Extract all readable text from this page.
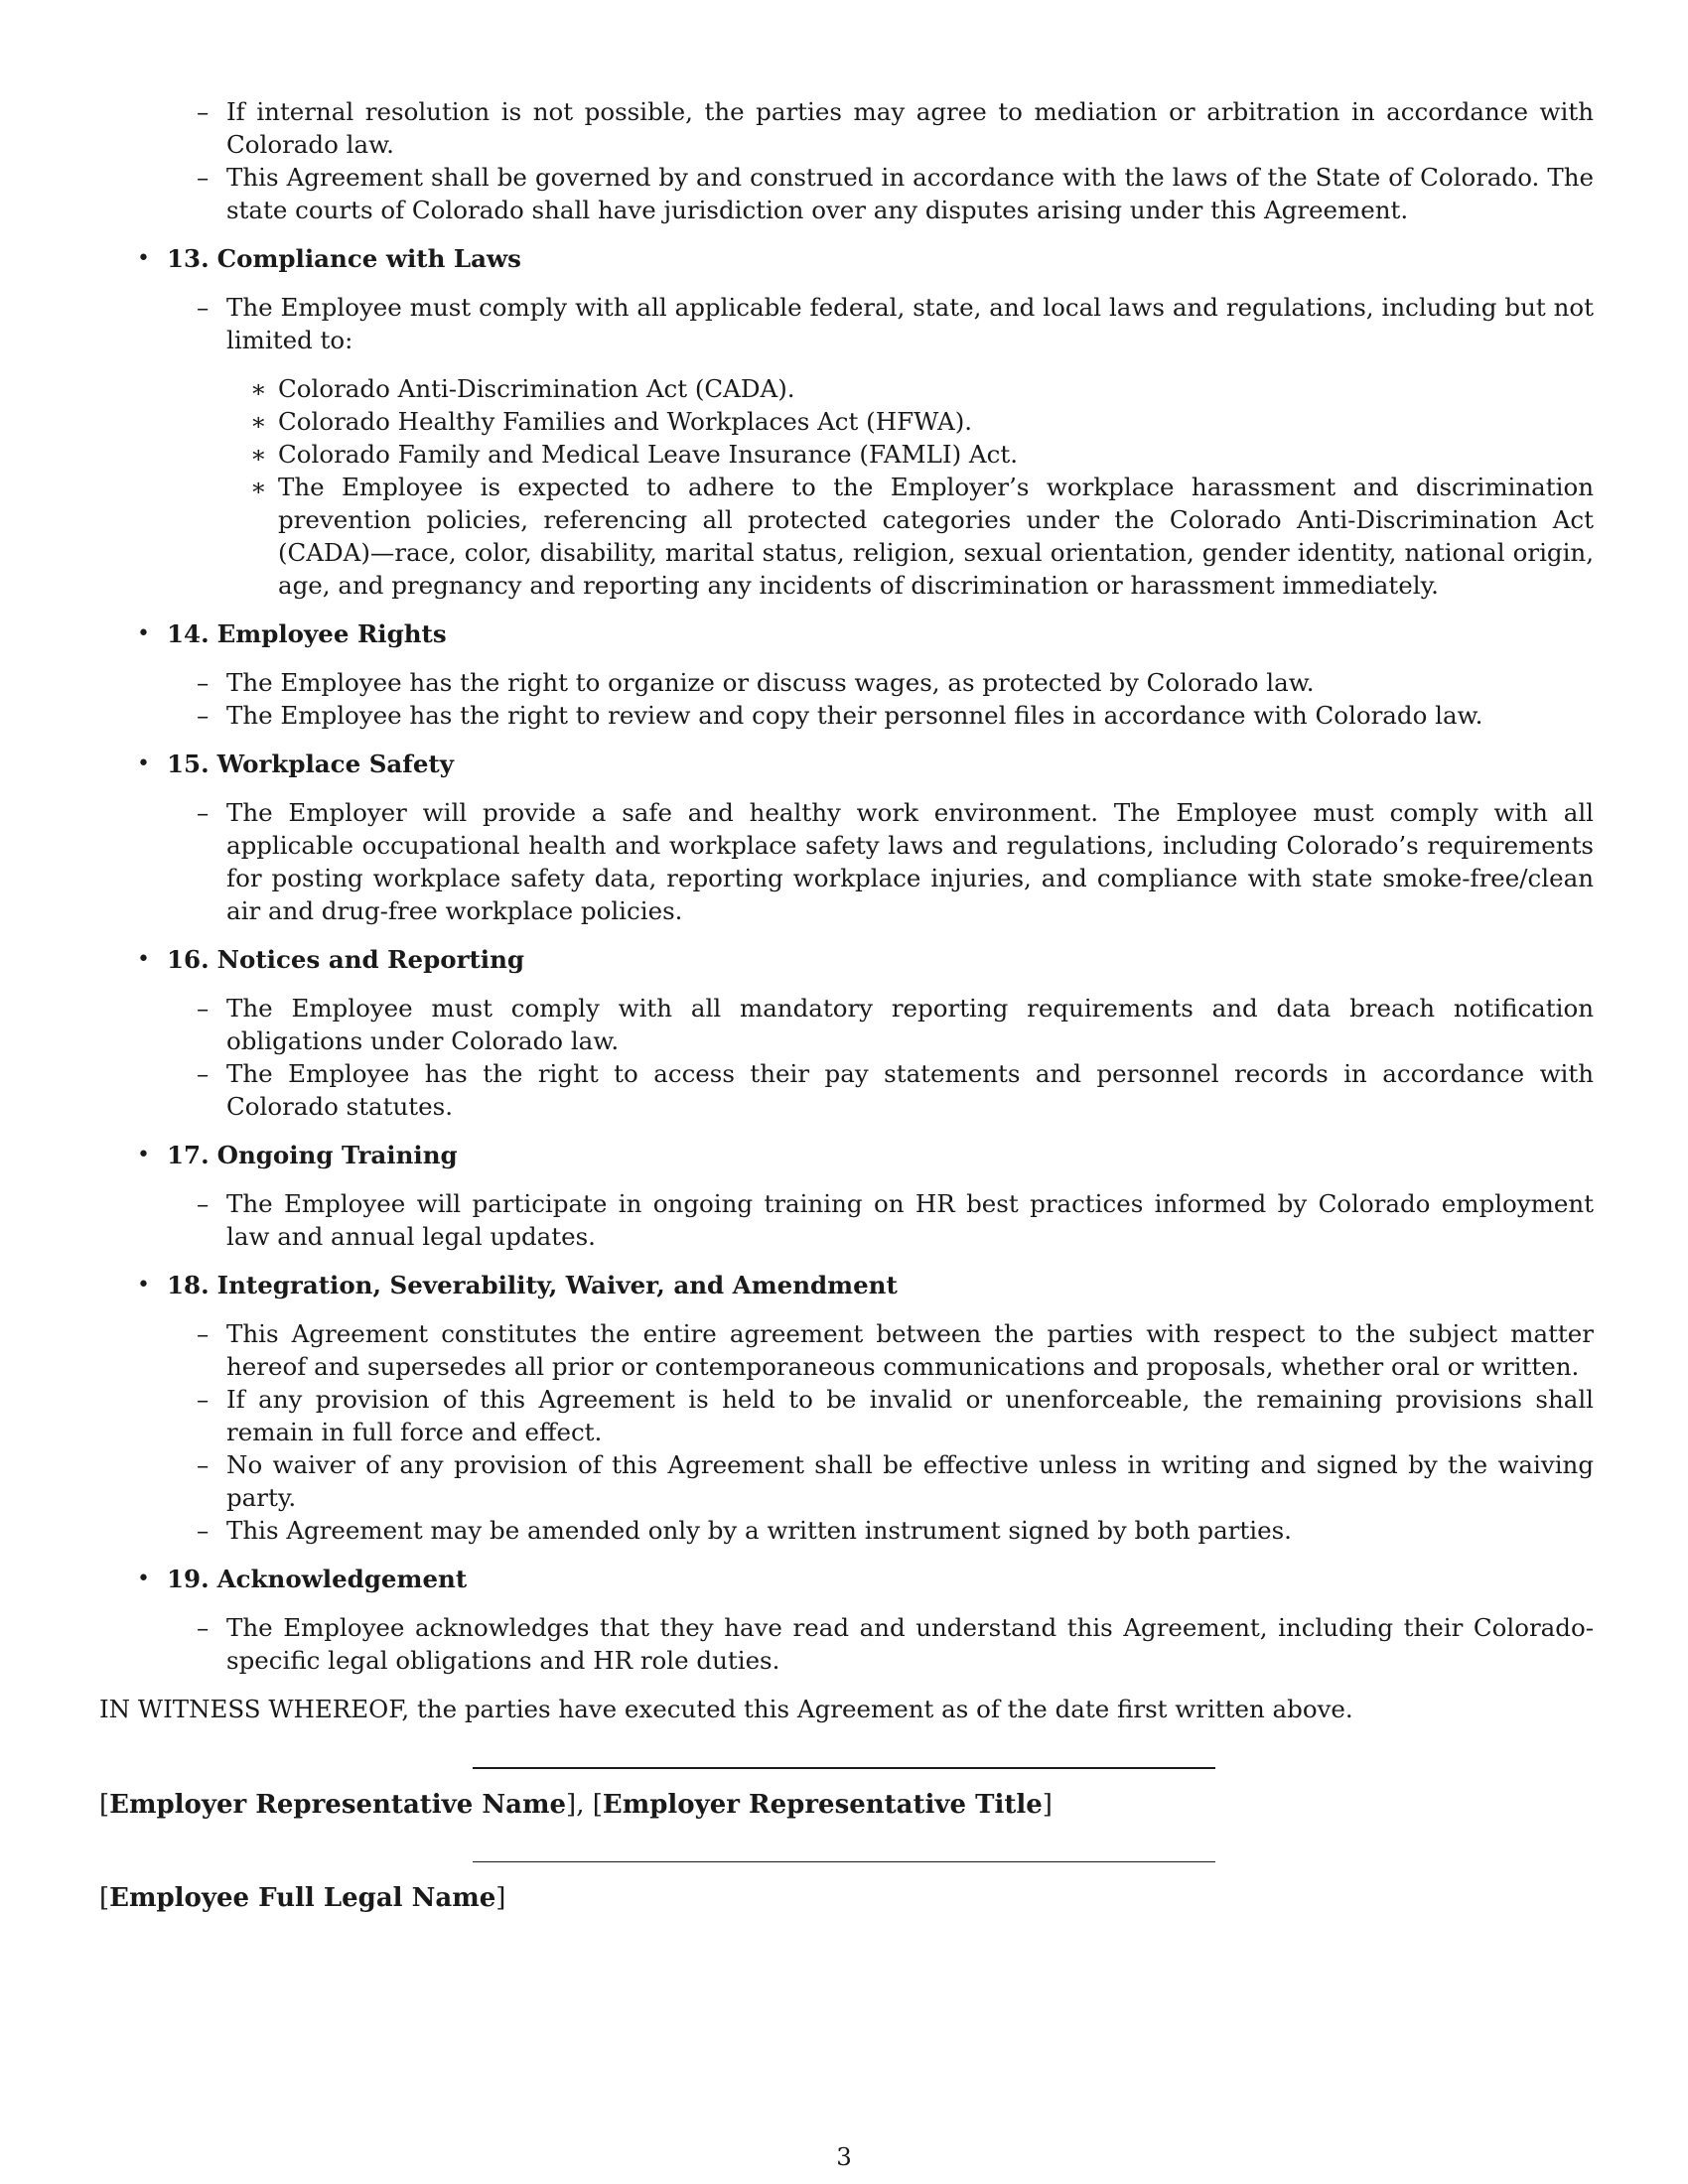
– If internal resolution is not possible, the parties may agree to mediation or arbitration in accordance with Colorado law.
– This Agreement shall be governed by and construed in accordance with the laws of the State of Colorado. The state courts of Colorado shall have jurisdiction over any disputes arising under this Agreement.
• 13. Compliance with Laws
– The Employee must comply with all applicable federal, state, and local laws and regulations, including but not limited to:
∗ Colorado Anti-Discrimination Act (CADA).
∗ Colorado Healthy Families and Workplaces Act (HFWA).
∗ Colorado Family and Medical Leave Insurance (FAMLI) Act.
∗ The Employee is expected to adhere to the Employer’s workplace harassment and discrimination prevention policies, referencing all protected categories under the Colorado Anti-Discrimination Act (CADA)—race, color, disability, marital status, religion, sexual orientation, gender identity, national origin, age, and pregnancy and reporting any incidents of discrimination or harassment immediately.
• 14. Employee Rights
– The Employee has the right to organize or discuss wages, as protected by Colorado law.
– The Employee has the right to review and copy their personnel files in accordance with Colorado law.
• 15. Workplace Safety
– The Employer will provide a safe and healthy work environment. The Employee must comply with all applicable occupational health and workplace safety laws and regulations, including Colorado’s requirements for posting workplace safety data, reporting workplace injuries, and compliance with state smoke-free/clean air and drug-free workplace policies.
• 16. Notices and Reporting
– The Employee must comply with all mandatory reporting requirements and data breach notification obligations under Colorado law.
– The Employee has the right to access their pay statements and personnel records in accordance with Colorado statutes.
• 17. Ongoing Training
– The Employee will participate in ongoing training on HR best practices informed by Colorado employment law and annual legal updates.
• 18. Integration, Severability, Waiver, and Amendment
– This Agreement constitutes the entire agreement between the parties with respect to the subject matter hereof and supersedes all prior or contemporaneous communications and proposals, whether oral or written.
– If any provision of this Agreement is held to be invalid or unenforceable, the remaining provisions shall remain in full force and effect.
– No waiver of any provision of this Agreement shall be effective unless in writing and signed by the waiving party.
– This Agreement may be amended only by a written instrument signed by both parties.
• 19. Acknowledgement
– The Employee acknowledges that they have read and understand this Agreement, including their Colorado-specific legal obligations and HR role duties.
IN WITNESS WHEREOF, the parties have executed this Agreement as of the date first written above.
[Employer Representative Name], [Employer Representative Title]
[Employee Full Legal Name]
3
